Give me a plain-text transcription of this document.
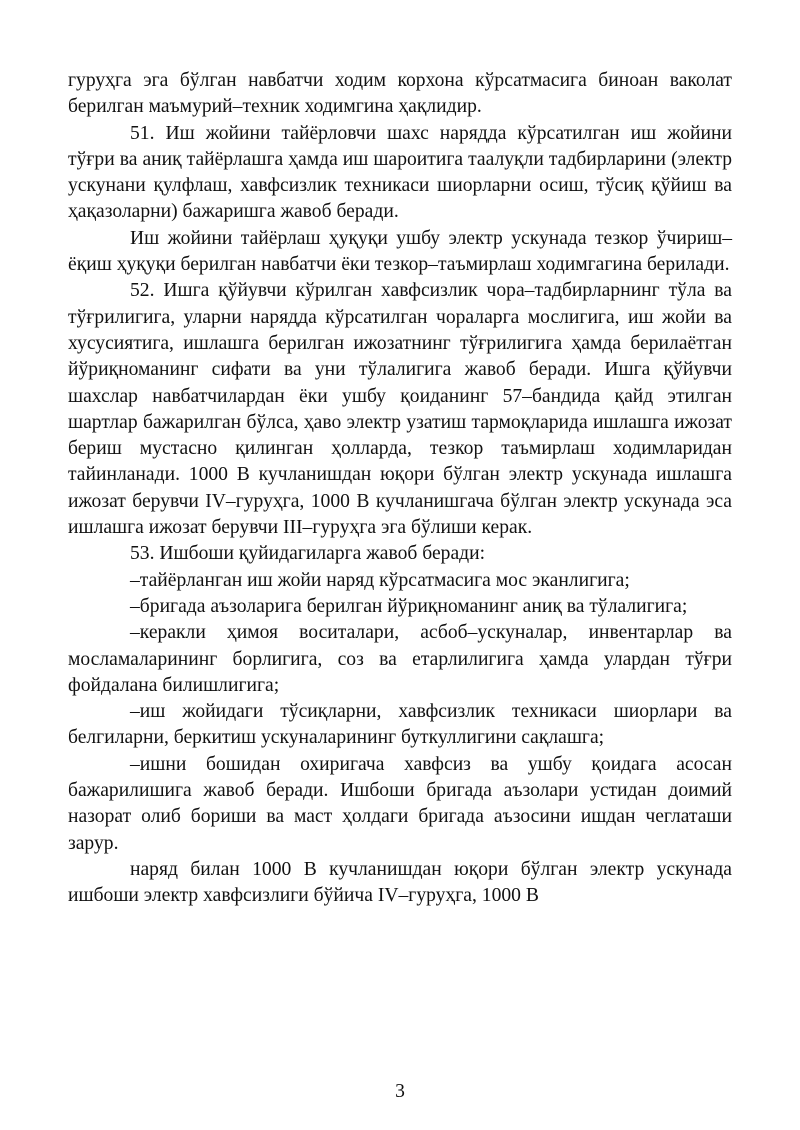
гуруҳга эга бўлган навбатчи ходим корхона кўрсатмасига биноан ваколат берилган маъмурий–техник ходимгина ҳақлидир.

51. Иш жойини тайёрловчи шахс нарядда кўрсатилган иш жойини тўғри ва аниқ тайёрлашга ҳамда иш шароитига таалуқли тадбирларини (электр ускунани қулфлаш, хавфсизлик техникаси шиорларни осиш, тўсиқ қўйиш ва ҳақазоларни) бажаришга жавоб беради.

Иш жойини тайёрлаш ҳуқуқи ушбу электр ускунада тезкор ўчириш–ёқиш ҳуқуқи берилган навбатчи ёки тезкор–таъмирлаш ходимгагина берилади.

52. Ишга қўйувчи кўрилган хавфсизлик чора–тадбирларнинг тўла ва тўғрилигига, уларни нарядда кўрсатилган чораларга мослигига, иш жойи ва хусусиятига, ишлашга берилган ижозатнинг тўғрилигига ҳамда берилаётган йўриқноманинг сифати ва уни тўлалигига жавоб беради. Ишга қўйувчи шахслар навбатчилардан ёки ушбу қоиданинг 57–бандида қайд этилган шартлар бажарилган бўлса, ҳаво электр узатиш тармоқларида ишлашга ижозат бериш мустасно қилинган ҳолларда, тезкор таъмирлаш ходимларидан тайинланади. 1000 В кучланишдан юқори бўлган электр ускунада ишлашга ижозат берувчи IV–гуруҳга, 1000 В кучланишгача бўлган электр ускунада эса ишлашга ижозат берувчи III–гуруҳга эга бўлиши керак.

53. Ишбоши қуйидагиларга жавоб беради:

–тайёрланган иш жойи наряд кўрсатмасига мос эканлигига;

–бригада аъзоларига берилган йўриқноманинг аниқ ва тўлалигига;

–керакли ҳимоя воситалари, асбоб–ускуналар, инвентарлар ва мосламаларининг борлигига, соз ва етарлилигига ҳамда улардан тўғри фойдалана билишлигига;

–иш жойидаги тўсиқларни, хавфсизлик техникаси шиорлари ва белгиларни, беркитиш ускуналарининг буткуллигини сақлашга;

–ишни бошидан охиригача хавфсиз ва ушбу қоидага асосан бажарилишига жавоб беради. Ишбоши бригада аъзолари устидан доимий назорат олиб бориши ва маст ҳолдаги бригада аъзосини ишдан чеглаташи зарур.

наряд билан 1000 В кучланишдан юқори бўлган электр ускунада ишбоши электр хавфсизлиги бўйича IV–гуруҳга, 1000 В

3
